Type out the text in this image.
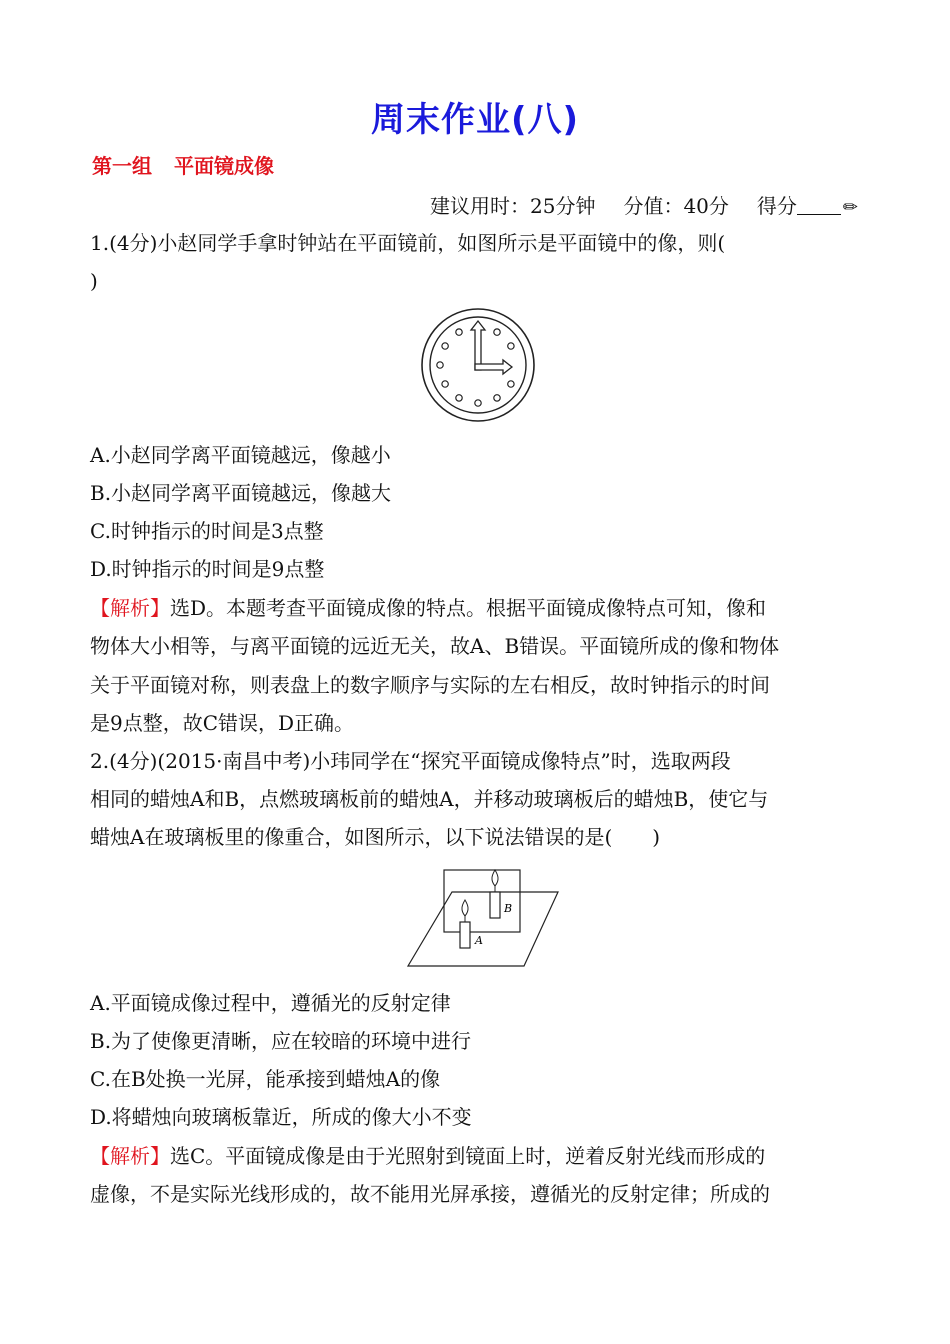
周末作业(八)
第一组 平面镜成像
建议用时：25分钟 分值：40分 得分	✏
1.(4分)小赵同学手拿时钟站在平面镜前，如图所示是平面镜中的像，则(
)
A.小赵同学离平面镜越远，像越小
B.小赵同学离平面镜越远，像越大
C.时钟指示的时间是3点整
D.时钟指示的时间是9点整
【解析】选D。本题考查平面镜成像的特点。根据平面镜成像特点可知，像和
物体大小相等，与离平面镜的远近无关，故A、B错误。平面镜所成的像和物体
关于平面镜对称，则表盘上的数字顺序与实际的左右相反，故时钟指示的时间
是9点整，故C错误，D正确。
2.(4分)(2015·南昌中考)小玮同学在“探究平面镜成像特点”时，选取两段
相同的蜡烛A和B，点燃玻璃板前的蜡烛A，并移动玻璃板后的蜡烛B，使它与
蜡烛A在玻璃板里的像重合，如图所示，以下说法错误的是(　　)
B
A
A.平面镜成像过程中，遵循光的反射定律
B.为了使像更清晰，应在较暗的环境中进行
C.在B处换一光屏，能承接到蜡烛A的像
D.将蜡烛向玻璃板靠近，所成的像大小不变
【解析】选C。平面镜成像是由于光照射到镜面上时，逆着反射光线而形成的
虚像，不是实际光线形成的，故不能用光屏承接，遵循光的反射定律；所成的
